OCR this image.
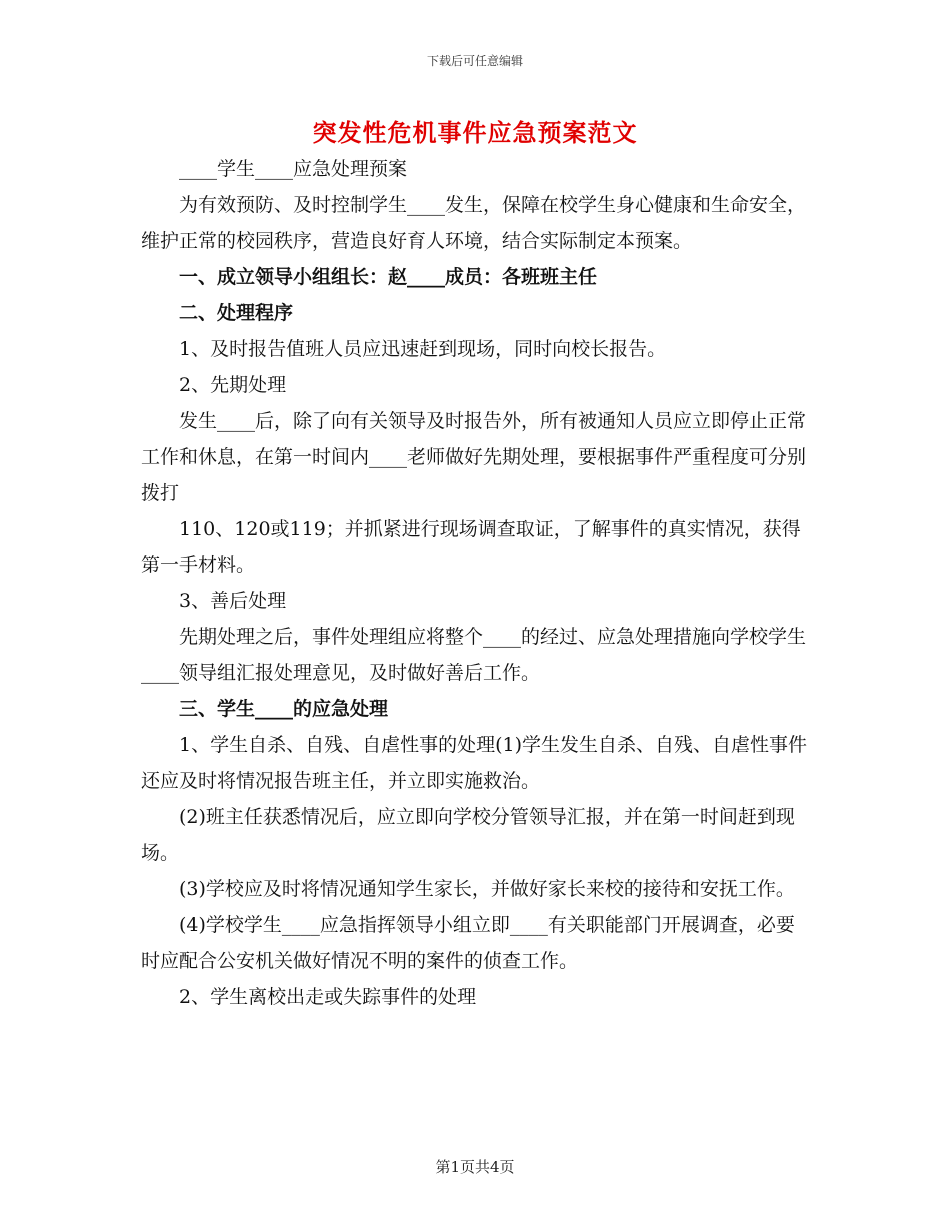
下载后可任意编辑
突发性危机事件应急预案范文

____学生____应急处理预案

为有效预防、及时控制学生____发生，保障在校学生身心健康和生命安全，维护正常的校园秩序，营造良好育人环境，结合实际制定本预案。

一、成立领导小组组长：赵____成员：各班班主任

二、处理程序

1、及时报告值班人员应迅速赶到现场，同时向校长报告。

2、先期处理

发生____后，除了向有关领导及时报告外，所有被通知人员应立即停止正常工作和休息，在第一时间内____老师做好先期处理，要根据事件严重程度可分别拨打

110、120或119；并抓紧进行现场调查取证，了解事件的真实情况，获得第一手材料。

3、善后处理

先期处理之后，事件处理组应将整个____的经过、应急处理措施向学校学生____领导组汇报处理意见，及时做好善后工作。

三、学生____的应急处理

1、学生自杀、自残、自虐性事的处理(1)学生发生自杀、自残、自虐性事件还应及时将情况报告班主任，并立即实施救治。

(2)班主任获悉情况后，应立即向学校分管领导汇报，并在第一时间赶到现场。

(3)学校应及时将情况通知学生家长，并做好家长来校的接待和安抚工作。

(4)学校学生____应急指挥领导小组立即____有关职能部门开展调查，必要时应配合公安机关做好情况不明的案件的侦查工作。

2、学生离校出走或失踪事件的处理

第1页共4页
